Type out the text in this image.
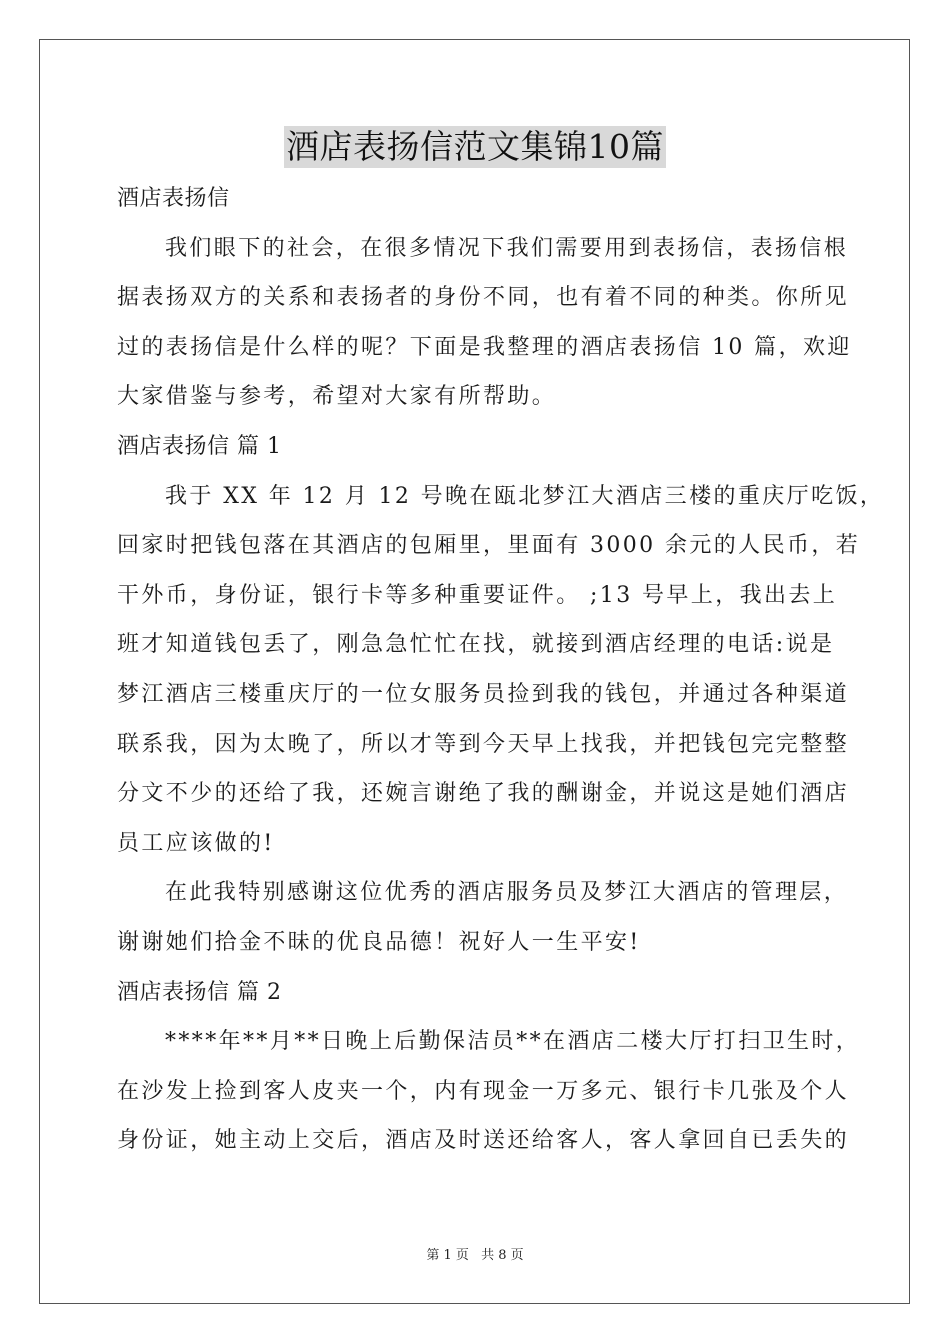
酒店表扬信范文集锦10篇
酒店表扬信
我们眼下的社会，在很多情况下我们需要用到表扬信，表扬信根
据表扬双方的关系和表扬者的身份不同，也有着不同的种类。你所见
过的表扬信是什么样的呢？下面是我整理的酒店表扬信 10 篇，欢迎
大家借鉴与参考，希望对大家有所帮助。
酒店表扬信 篇 1
我于 XX 年 12 月 12 号晚在瓯北梦江大酒店三楼的重庆厅吃饭，
回家时把钱包落在其酒店的包厢里，里面有 3000 余元的人民币，若
干外币，身份证，银行卡等多种重要证件。 ;13 号早上，我出去上
班才知道钱包丢了，刚急急忙忙在找，就接到酒店经理的电话:说是
梦江酒店三楼重庆厅的一位女服务员捡到我的钱包，并通过各种渠道
联系我，因为太晚了，所以才等到今天早上找我，并把钱包完完整整
分文不少的还给了我，还婉言谢绝了我的酬谢金，并说这是她们酒店
员工应该做的!
在此我特别感谢这位优秀的酒店服务员及梦江大酒店的管理层，
谢谢她们拾金不昧的优良品德！祝好人一生平安!
酒店表扬信 篇 2
****年**月**日晚上后勤保洁员**在酒店二楼大厅打扫卫生时，
在沙发上捡到客人皮夹一个，内有现金一万多元、银行卡几张及个人
身份证，她主动上交后，酒店及时送还给客人，客人拿回自已丢失的
第 1 页 共 8 页
